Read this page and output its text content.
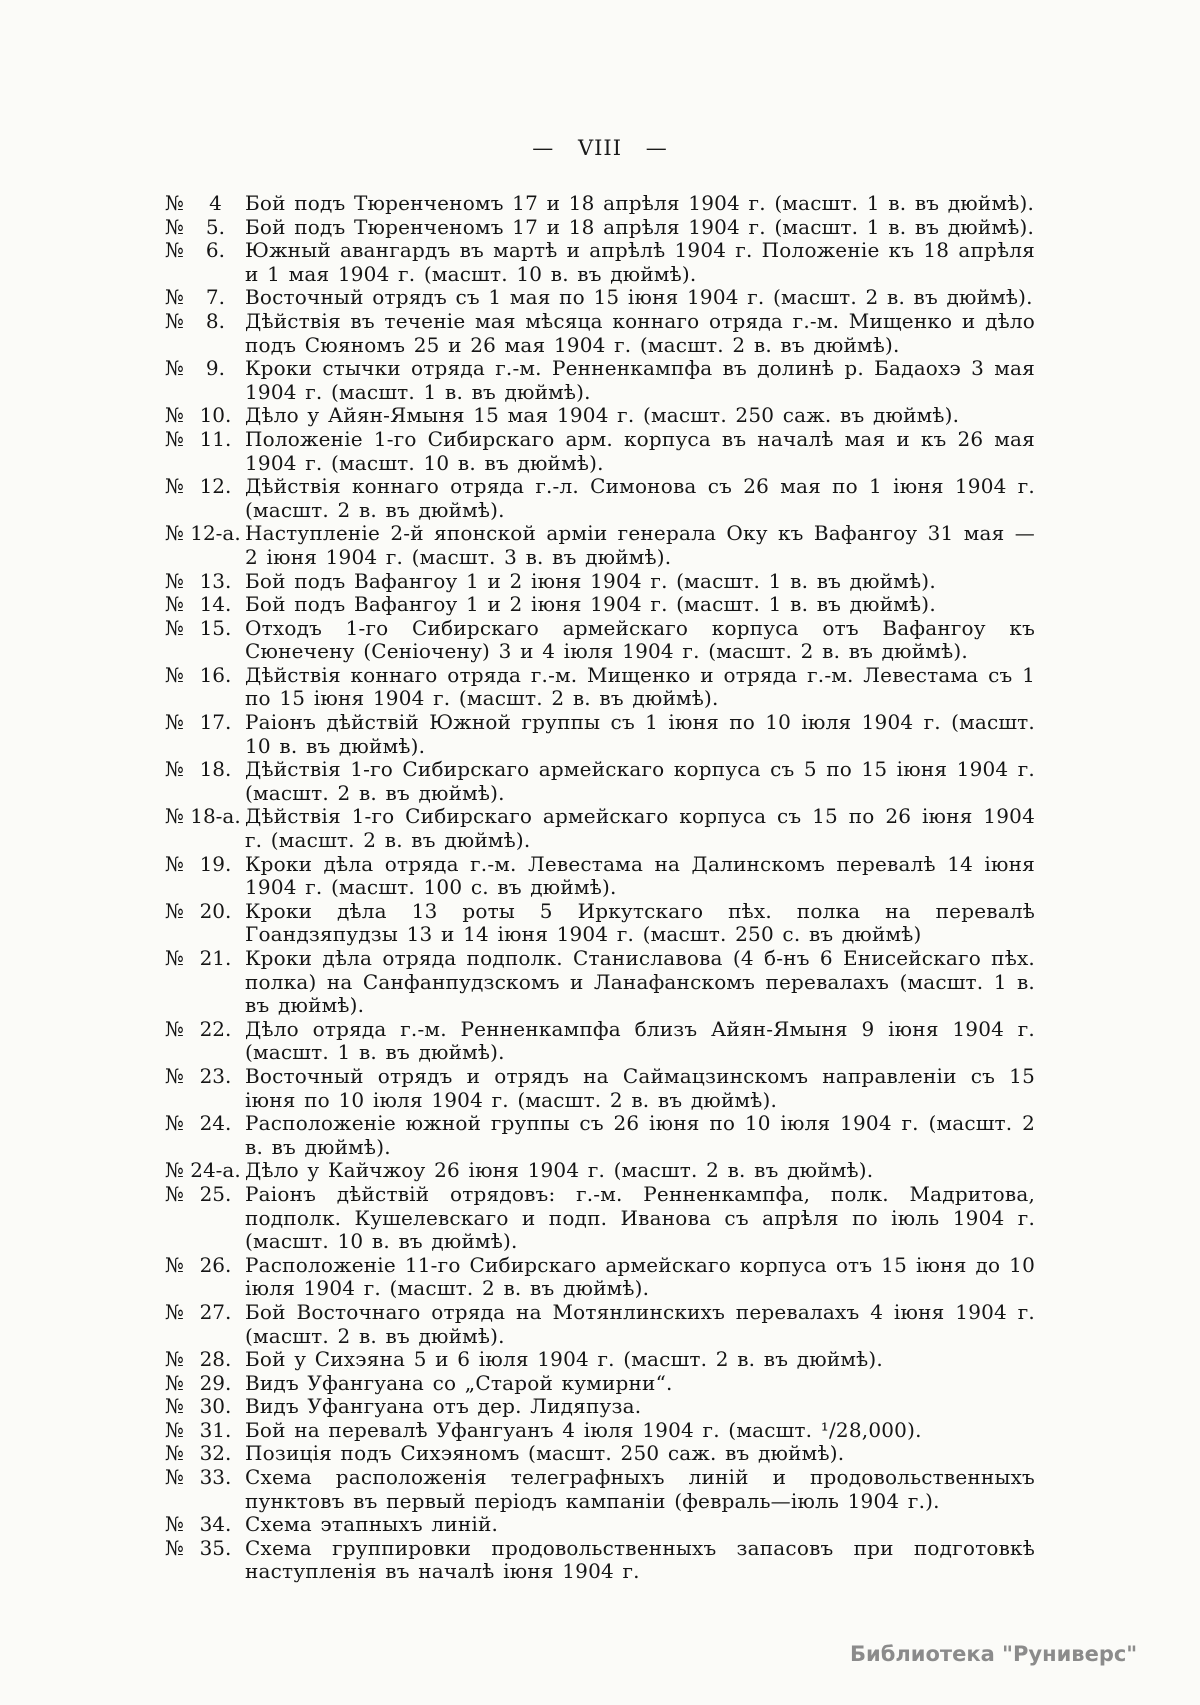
— VIII —
№	4	Бой подъ Тюренченомъ 17 и 18 апрѣля 1904 г. (масшт. 1 в. въ дюймѣ).
№	5. Бой подъ Тюренченомъ 17 и 18 апрѣля 1904 г. (масшт. 1 в. въ дюймѣ).
№	6. Южный авангардъ въ мартѣ и апрѣлѣ 1904 г. Положеніе къ 18 апрѣля и 1 мая 1904 г. (масшт. 10 в. въ дюймѣ).
№	7. Восточный отрядъ съ 1 мая по 15 іюня 1904 г. (масшт. 2 в. въ дюймѣ).
№	8. Дѣйствія въ теченіе мая мѣсяца коннаго отряда г.-м. Мищенко и дѣло подъ Сюяномъ 25 и 26 мая 1904 г. (масшт. 2 в. въ дюймѣ).
№	9. Кроки стычки отряда г.-м. Ренненкампфа въ долинѣ р. Бадаохэ 3 мая 1904 г. (масшт. 1 в. въ дюймѣ).
№ 10. Дѣло у Айян-Ямыня 15 мая 1904 г. (масшт. 250 саж. въ дюймѣ).
№ 11. Положеніе 1-го Сибирскаго арм. корпуса въ началѣ мая и къ 26 мая 1904 г. (масшт. 10 в. въ дюймѣ).
№ 12. Дѣйствія коннаго отряда г.-л. Симонова съ 26 мая по 1 іюня 1904 г. (масшт. 2 в. въ дюймѣ).
№ 12-а. Наступленіе 2-й японской арміи генерала Оку къ Вафангоу 31 мая — 2 іюня 1904 г. (масшт. 3 в. въ дюймѣ).
№ 13. Бой подъ Вафангоу 1 и 2 іюня 1904 г. (масшт. 1 в. въ дюймѣ).
№ 14. Бой подъ Вафангоу 1 и 2 іюня 1904 г. (масшт. 1 в. въ дюймѣ).
№ 15. Отходъ 1-го Сибирскаго армейскаго корпуса отъ Вафангоу къ Сюнечену (Сеніочену) 3 и 4 іюля 1904 г. (масшт. 2 в. въ дюймѣ).
№ 16. Дѣйствія коннаго отряда г.-м. Мищенко и отряда г.-м. Левестама съ 1 по 15 іюня 1904 г. (масшт. 2 в. въ дюймѣ).
№ 17. Раіонъ дѣйствій Южной группы съ 1 іюня по 10 іюля 1904 г. (масшт. 10 в. въ дюймѣ).
№ 18. Дѣйствія 1-го Сибирскаго армейскаго корпуса съ 5 по 15 іюня 1904 г. (масшт. 2 в. въ дюймѣ).
№ 18-а. Дѣйствія 1-го Сибирскаго армейскаго корпуса съ 15 по 26 іюня 1904 г. (масшт. 2 в. въ дюймѣ).
№ 19. Кроки дѣла отряда г.-м. Левестама на Далинскомъ перевалѣ 14 іюня 1904 г. (масшт. 100 с. въ дюймѣ).
№ 20. Кроки дѣла 13 роты 5 Иркутскаго пѣх. полка на перевалѣ Гоандзяпудзы 13 и 14 іюня 1904 г. (масшт. 250 с. въ дюймѣ)
№ 21. Кроки дѣла отряда подполк. Станиславова (4 б-нъ 6 Енисейскаго пѣх. полка) на Санфанпудзскомъ и Ланафанскомъ перевалахъ (масшт. 1 в. въ дюймѣ).
№ 22. Дѣло отряда г.-м. Ренненкампфа близъ Айян-Ямыня 9 іюня 1904 г. (масшт. 1 в. въ дюймѣ).
№ 23. Восточный отрядъ и отрядъ на Саймацзинскомъ направленіи съ 15 іюня по 10 іюля 1904 г. (масшт. 2 в. въ дюймѣ).
№ 24. Расположеніе южной группы съ 26 іюня по 10 іюля 1904 г. (масшт. 2 в. въ дюймѣ).
№ 24-а. Дѣло у Кайчжоу 26 іюня 1904 г. (масшт. 2 в. въ дюймѣ).
№ 25. Раіонъ дѣйствій отрядовъ: г.-м. Ренненкампфа, полк. Мадритова, подполк. Кушелевскаго и подп. Иванова съ апрѣля по іюль 1904 г. (масшт. 10 в. въ дюймѣ).
№ 26. Расположеніе 11-го Сибирскаго армейскаго корпуса отъ 15 іюня до 10 іюля 1904 г. (масшт. 2 в. въ дюймѣ).
№ 27. Бой Восточнаго отряда на Мотянлинскихъ перевалахъ 4 іюня 1904 г. (масшт. 2 в. въ дюймѣ).
№ 28. Бой у Сихэяна 5 и 6 іюля 1904 г. (масшт. 2 в. въ дюймѣ).
№ 29. Видъ Уфангуана со „Старой кумирни“.
№ 30. Видъ Уфангуана отъ дер. Лидяпуза.
№ 31. Бой на перевалѣ Уфангуанъ 4 іюля 1904 г. (масшт. ¹/28,000).
№ 32. Позиція подъ Сихэяномъ (масшт. 250 саж. въ дюймѣ).
№ 33. Схема расположенія телеграфныхъ линій и продовольственныхъ пунктовъ въ первый періодъ кампаніи (февраль—іюль 1904 г.).
№ 34. Схема этапныхъ линій.
№ 35. Схема группировки продовольственныхъ запасовъ при подготовкѣ наступленія въ началѣ іюня 1904 г.
Библиотека "Руниверс"
